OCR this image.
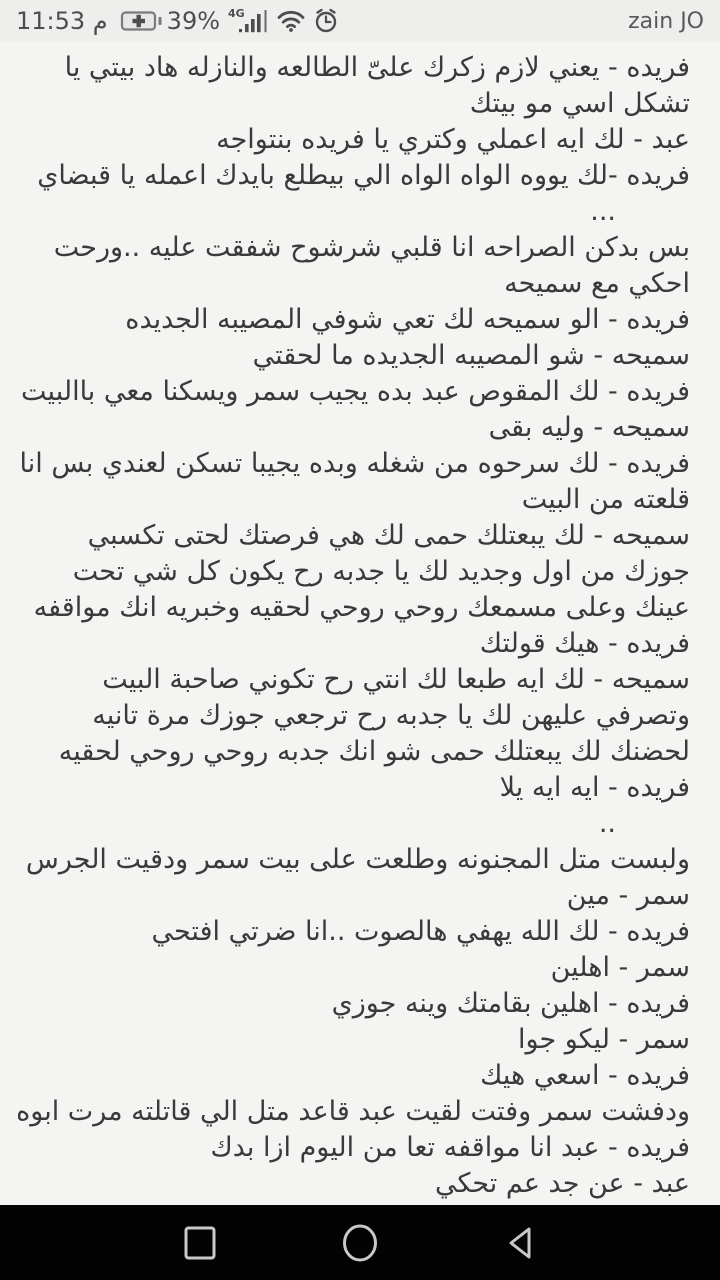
م 11:53 39% 4G	zain JO
فريده - يعني لازم زكرك علىّ الطالعه والنازله هاد بيتي يا
تشكل اسي مو بيتك
عبد - لك ايه اعملي وكتري يا فريده بنتواجه
فريده -لك يووه الواه الواه الي بيطلع بايدك اعمله يا قبضاي
...
بس بدكن الصراحه انا قلبي شرشوح شفقت عليه ..ورحت
احكي مع سميحه
فريده - الو سميحه لك تعي شوفي المصيبه الجديده
سميحه - شو المصيبه الجديده ما لحقتي
فريده - لك المقوص عبد بده يجيب سمر ويسكنا معي باالبيت
سميحه - وليه بقى
فريده - لك سرحوه من شغله وبده يجيبا تسكن لعندي بس انا
قلعته من البيت
سميحه - لك يبعتلك حمى لك هي فرصتك لحتى تكسبي
جوزك من اول وجديد لك يا جدبه رح يكون كل شي تحت
عينك وعلى مسمعك روحي روحي لحقيه وخبريه انك مواقفه
فريده - هيك قولتك
سميحه - لك ايه طبعا لك انتي رح تكوني صاحبة البيت
وتصرفي عليهن لك يا جدبه رح ترجعي جوزك مرة تانيه
لحضنك لك يبعتلك حمى شو انك جدبه روحي روحي لحقيه
فريده - ايه ايه يلا
..
ولبست متل المجنونه وطلعت على بيت سمر ودقيت الجرس
سمر - مين
فريده - لك الله يهفي هالصوت ..انا ضرتي افتحي
سمر - اهلين
فريده - اهلين بقامتك وينه جوزي
سمر - ليكو جوا
فريده - اسعي هيك
ودفشت سمر وفتت لقيت عبد قاعد متل الي قاتلته مرت ابوه
فريده - عبد انا مواقفه تعا من اليوم ازا بدك
عبد - عن جد عم تحكي
